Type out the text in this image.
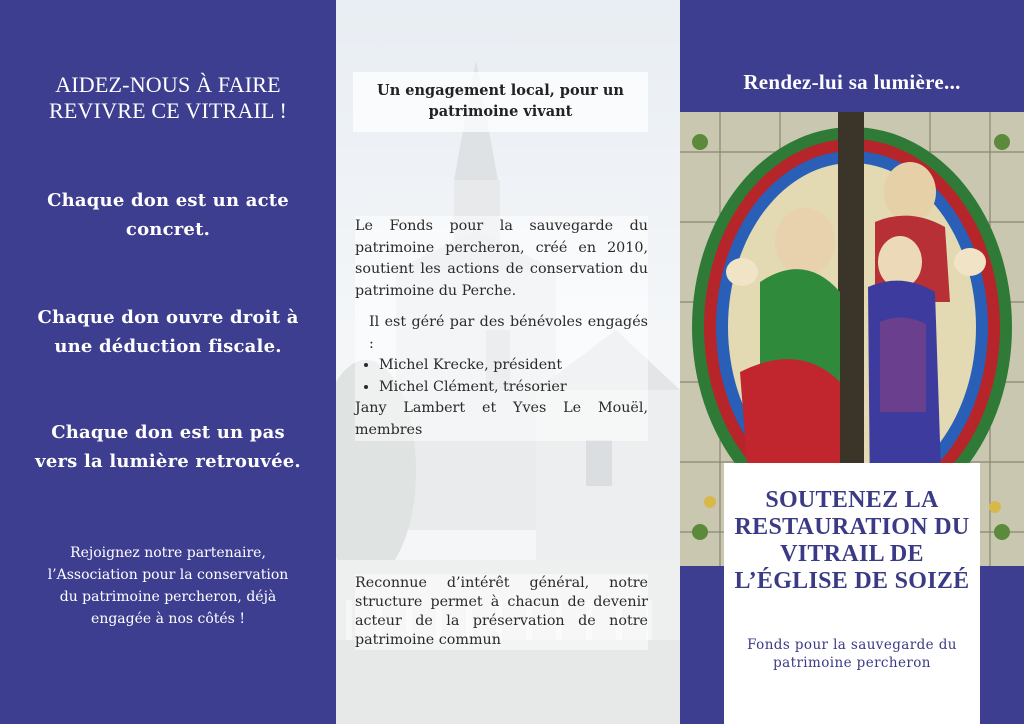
AIDEZ-NOUS À FAIRE REVIVRE CE VITRAIL !
Chaque don est un acte concret.
Chaque don ouvre droit à une déduction fiscale.
Chaque don est un pas vers la lumière retrouvée.
Rejoignez notre partenaire, l’Association pour la conservation du patrimoine percheron, déjà engagée à nos côtés !
Un engagement local, pour un patrimoine vivant

Le Fonds pour la sauvegarde du patrimoine percheron, créé en 2010, soutient les actions de conservation du patrimoine du Perche.

Il est géré par des bénévoles engagés :

• Michel Krecke, président
• Michel Clément, trésorier

Jany Lambert et Yves Le Mouël, membres

Reconnue d’intérêt général, notre structure permet à chacun de devenir acteur de la préservation de notre patrimoine commun
Rendez-lui sa lumière...
SOUTENEZ LA RESTAURATION DU VITRAIL DE L’ÉGLISE DE SOIZÉ
Fonds pour la sauvegarde du patrimoine percheron
